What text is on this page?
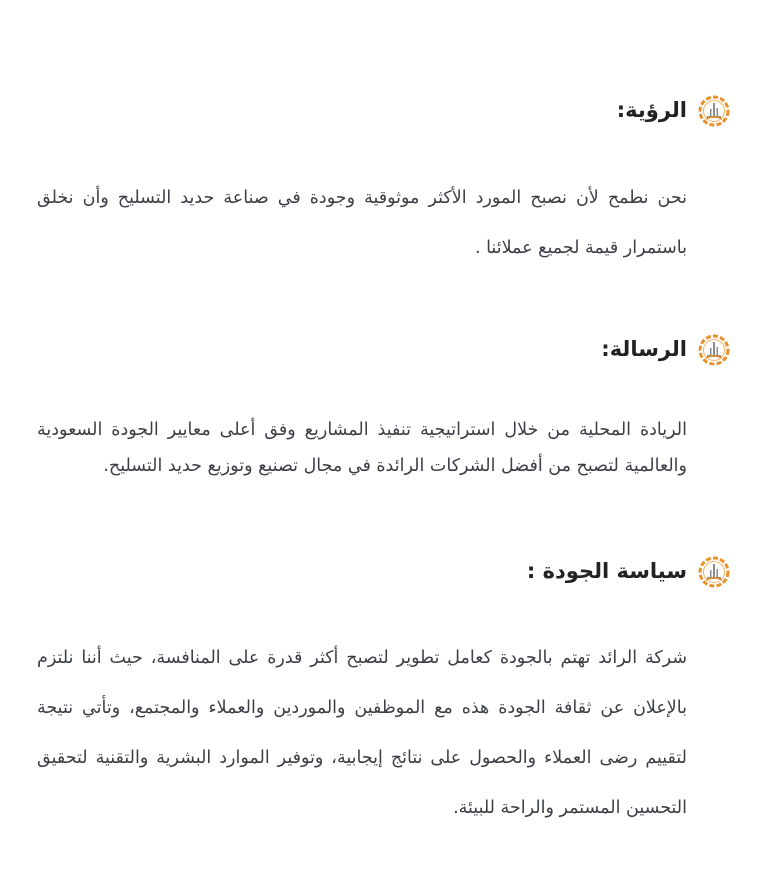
الرؤية:

نحن نطمح لأن نصبح المورد الأكثر موثوقية وجودة في صناعة حديد التسليح وأن نخلق باستمرار قيمة لجميع عملائنا .

الرسالة:

الريادة المحلية من خلال استراتيجية تنفيذ المشاريع وفق أعلى معايير الجودة السعودية والعالمية لتصبح من أفضل الشركات الرائدة في مجال تصنيع وتوزيع حديد التسليح.

سياسة الجودة :

شركة الرائد تهتم بالجودة كعامل تطوير لتصبح أكثر قدرة على المنافسة، حيث أننا نلتزم بالإعلان عن ثقافة الجودة هذه مع الموظفين والموردين والعملاء والمجتمع، وتأتي نتيجة لتقييم رضى العملاء والحصول على نتائج إيجابية، وتوفير الموارد البشرية والتقنية لتحقيق التحسين المستمر والراحة للبيئة.
